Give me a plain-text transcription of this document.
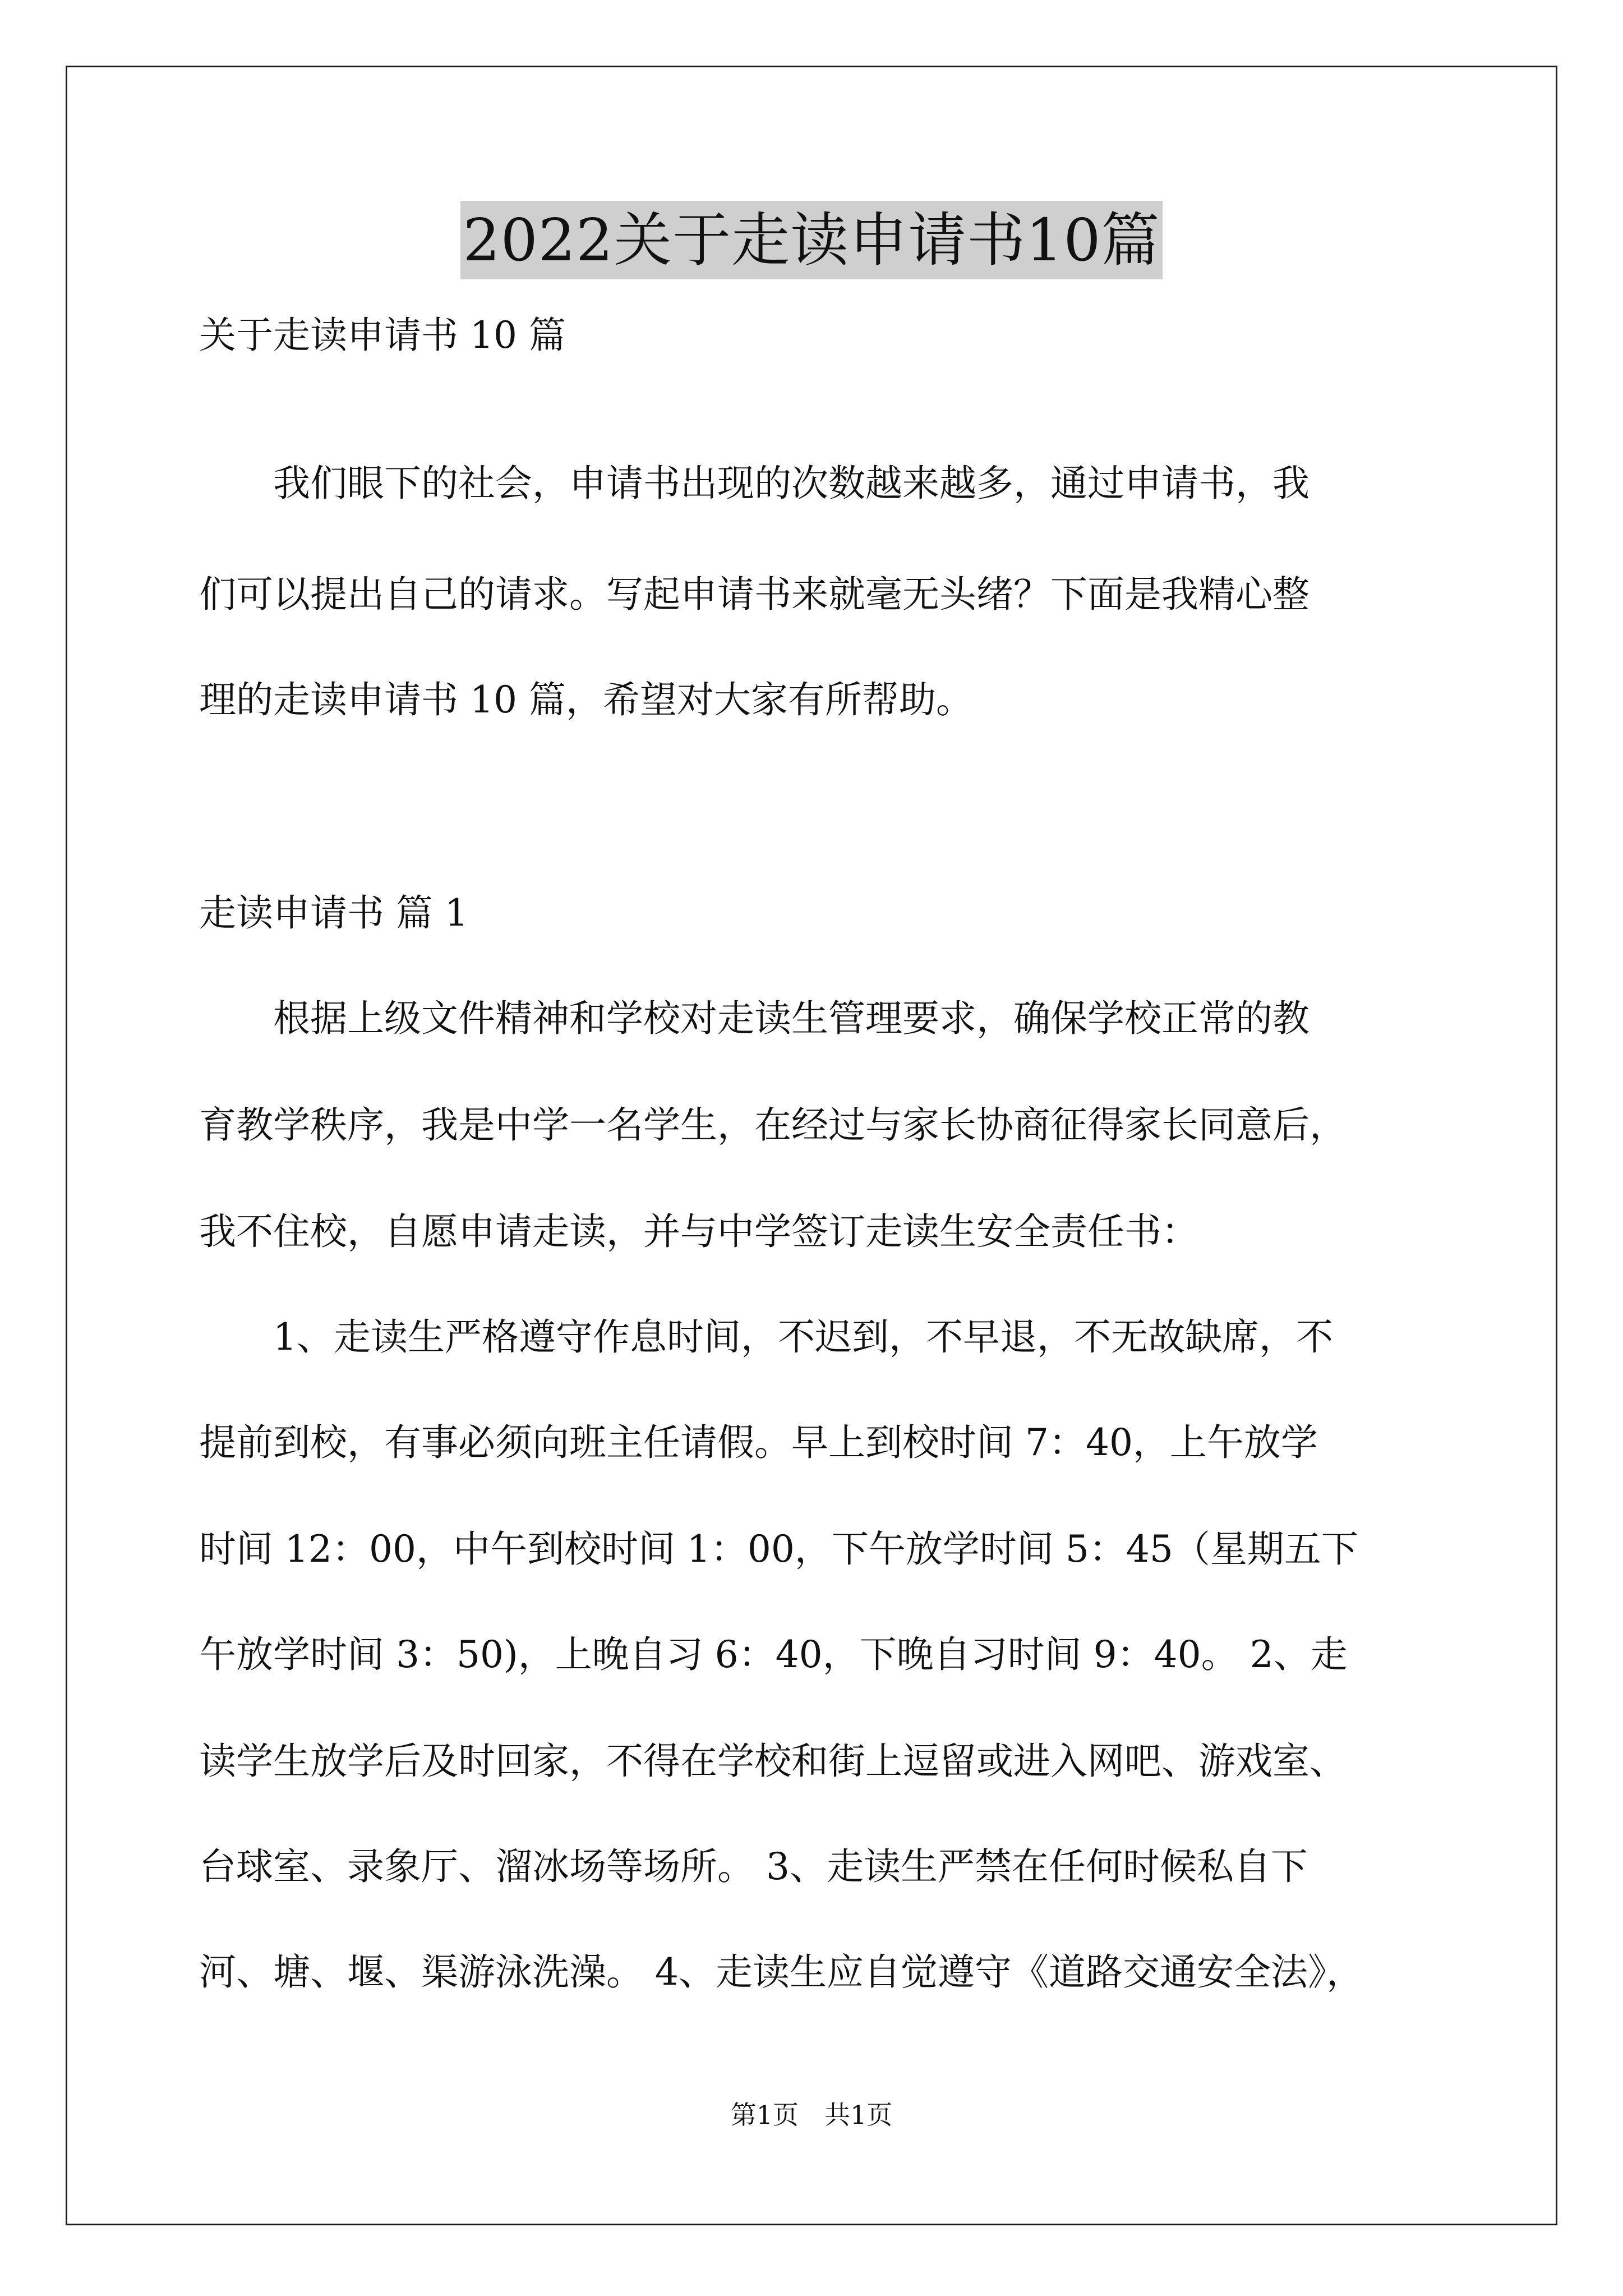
2022关于走读申请书10篇
关于走读申请书 10 篇
　　我们眼下的社会，申请书出现的次数越来越多，通过申请书，我
们可以提出自己的请求。写起申请书来就毫无头绪？下面是我精心整
理的走读申请书 10 篇，希望对大家有所帮助。
走读申请书 篇 1
　　根据上级文件精神和学校对走读生管理要求，确保学校正常的教
育教学秩序，我是中学一名学生，在经过与家长协商征得家长同意后，
我不住校，自愿申请走读，并与中学签订走读生安全责任书：
　　1、走读生严格遵守作息时间，不迟到，不早退，不无故缺席，不
提前到校，有事必须向班主任请假。早上到校时间 7：40，上午放学
时间 12：00，中午到校时间 1：00，下午放学时间 5：45（星期五下
午放学时间 3：50)，上晚自习 6：40，下晚自习时间 9：40。 2、走
读学生放学后及时回家，不得在学校和街上逗留或进入网吧、游戏室、
台球室、录象厅、溜冰场等场所。 3、走读生严禁在任何时候私自下
河、塘、堰、渠游泳洗澡。 4、走读生应自觉遵守《道路交通安全法》，
第1页　共1页
